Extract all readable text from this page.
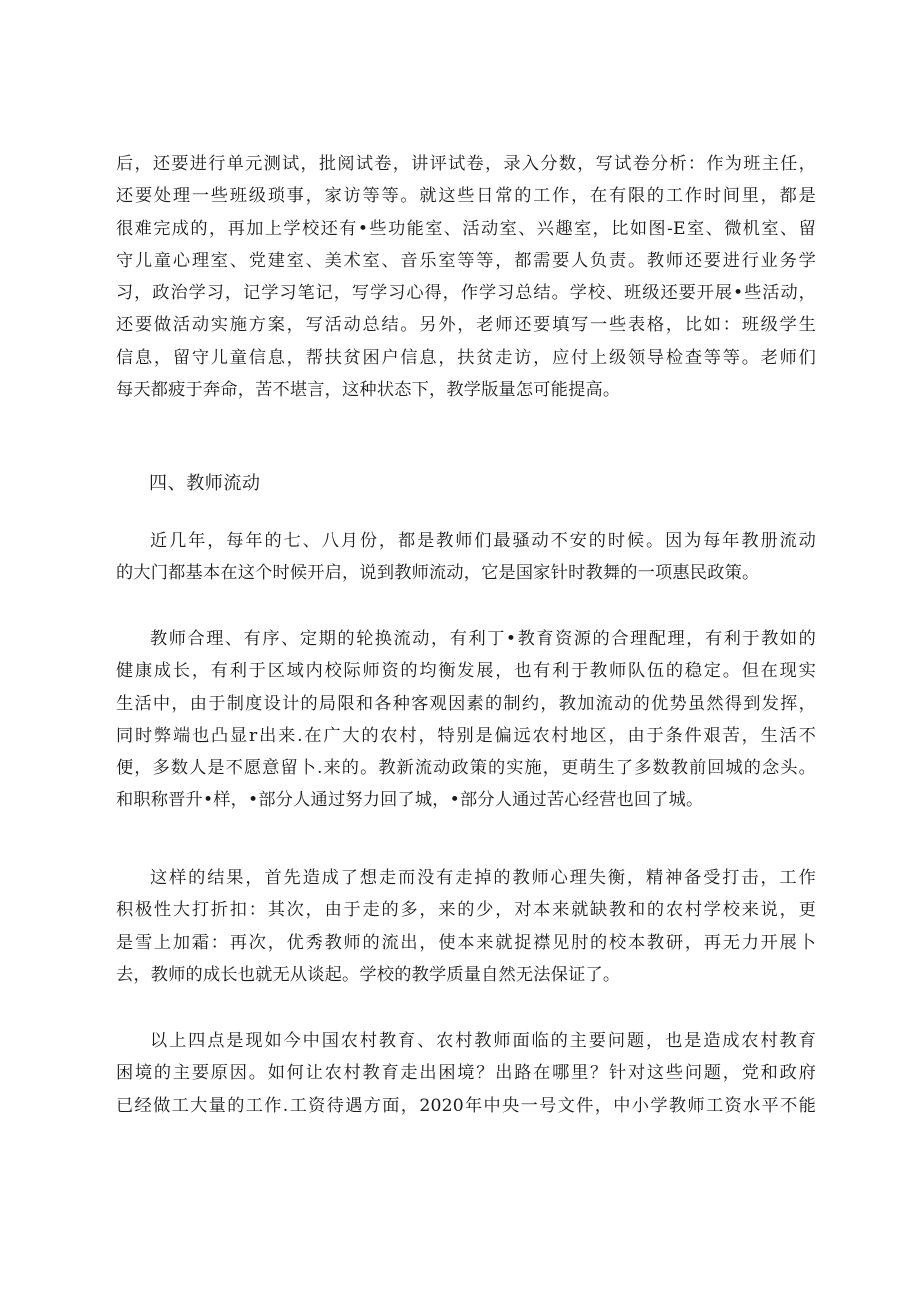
后，还要进行单元测试，批阅试卷，讲评试卷，录入分数，写试卷分析：作为班主任，
还要处理一些班级琐事，家访等等。就这些日常的工作，在有限的工作时间里，都是
很难完成的，再加上学校还有•些功能室、活动室、兴趣室，比如图-E室、微机室、留
守儿童心理室、党建室、美术室、音乐室等等，都需要人负责。教师还要进行业务学
习，政治学习，记学习笔记，写学习心得，作学习总结。学校、班级还要开展•些活动，
还要做活动实施方案，写活动总结。另外，老师还要填写一些表格，比如：班级学生
信息，留守儿童信息，帮扶贫困户信息，扶贫走访，应付上级领导检查等等。老师们
每天都疲于奔命，苦不堪言，这种状态下，教学版量怎可能提高。
四、教师流动
近几年，每年的七、八月份，都是教师们最骚动不安的时候。因为每年教册流动
的大门都基本在这个时候开启，说到教师流动，它是国家针时教舞的一项惠民政策。
教师合理、有序、定期的轮换流动，有利丁•教育资源的合理配理，有利于教如的
健康成长，有利于区域内校际师资的均衡发展，也有利于教师队伍的稳定。但在现实
生活中，由于制度设计的局限和各种客观因素的制约，教加流动的优势虽然得到发挥，
同时弊端也凸显r出来.在广大的农村，特别是偏远农村地区，由于条件艰苦，生活不
便，多数人是不愿意留卜.来的。教新流动政策的实施，更萌生了多数教前回城的念头。
和职称晋升•样，•部分人通过努力回了城，•部分人通过苦心经营也回了城。
这样的结果，首先造成了想走而没有走掉的教师心理失衡，精神备受打击，工作
积极性大打折扣：其次，由于走的多，来的少，对本来就缺教和的农村学校来说，更
是雪上加霜：再次，优秀教师的流出，使本来就捉襟见肘的校本教研，再无力开展卜
去，教师的成长也就无从谈起。学校的教学质量自然无法保证了。
以上四点是现如今中国农村教育、农村教师面临的主要问题，也是造成农村教育
困境的主要原因。如何让农村教育走出困境？出路在哪里？针对这些问题，党和政府
已经做工大量的工作.工资待遇方面，2020年中央一号文件，中小学教师工资水平不能
